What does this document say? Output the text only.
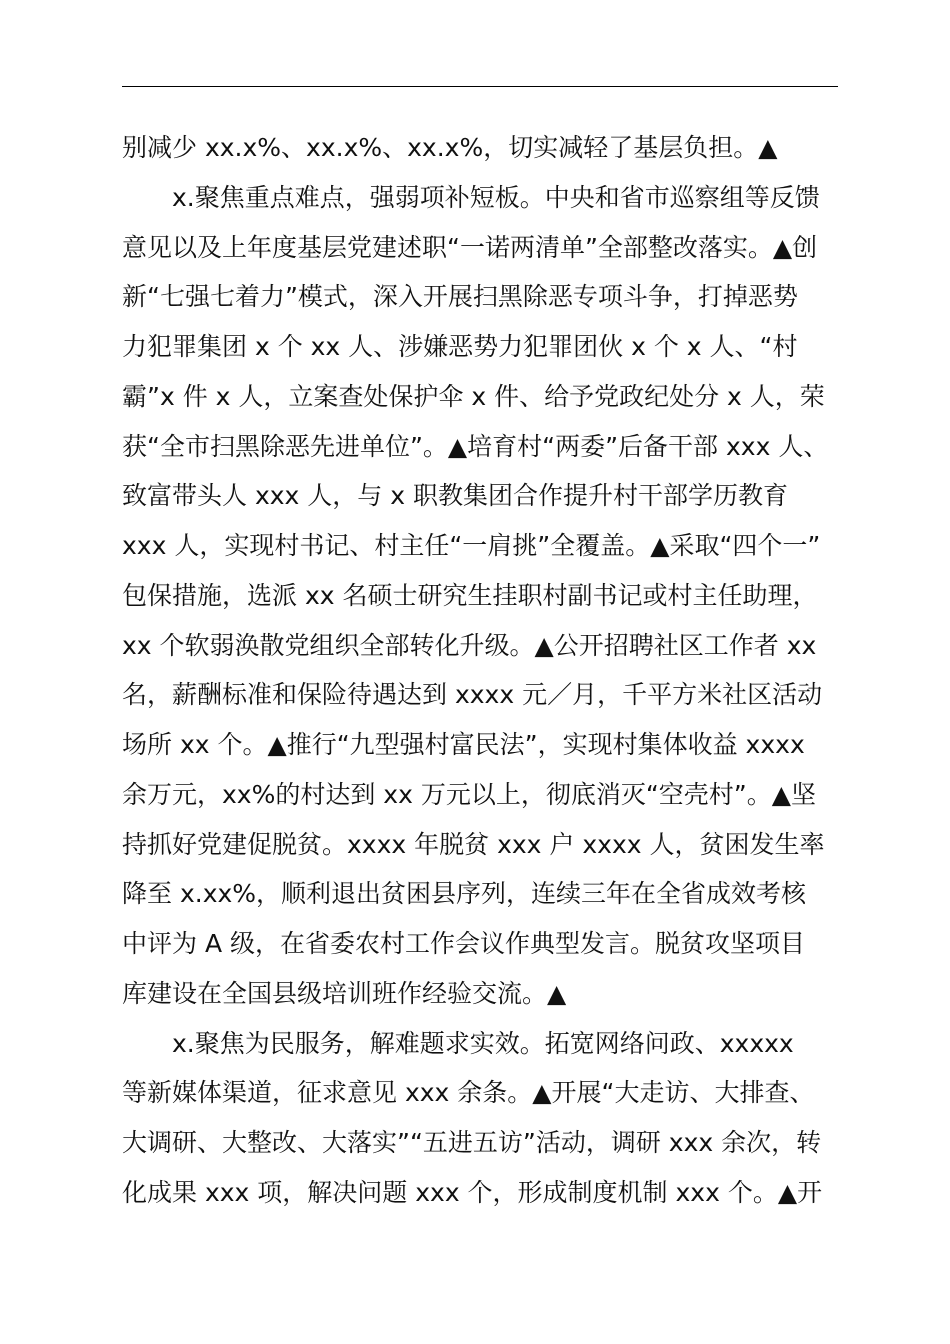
别减少 xx.x%、xx.x%、xx.x%，切实减轻了基层负担。▲
x.聚焦重点难点，强弱项补短板。中央和省市巡察组等反馈
意见以及上年度基层党建述职“一诺两清单”全部整改落实。▲创
新“七强七着力”模式，深入开展扫黑除恶专项斗争，打掉恶势
力犯罪集团 x 个 xx 人、涉嫌恶势力犯罪团伙 x 个 x 人、“村
霸”x 件 x 人，立案查处保护伞 x 件、给予党政纪处分 x 人，荣
获“全市扫黑除恶先进单位”。▲培育村“两委”后备干部 xxx 人、
致富带头人 xxx 人，与 x 职教集团合作提升村干部学历教育
xxx 人，实现村书记、村主任“一肩挑”全覆盖。▲采取“四个一”
包保措施，选派 xx 名硕士研究生挂职村副书记或村主任助理，
xx 个软弱涣散党组织全部转化升级。▲公开招聘社区工作者 xx
名，薪酬标准和保险待遇达到 xxxx 元／月，千平方米社区活动
场所 xx 个。▲推行“九型强村富民法”，实现村集体收益 xxxx
余万元，xx%的村达到 xx 万元以上，彻底消灭“空壳村”。▲坚
持抓好党建促脱贫。xxxx 年脱贫 xxx 户 xxxx 人，贫困发生率
降至 x.xx%，顺利退出贫困县序列，连续三年在全省成效考核
中评为 A 级，在省委农村工作会议作典型发言。脱贫攻坚项目
库建设在全国县级培训班作经验交流。▲
x.聚焦为民服务，解难题求实效。拓宽网络问政、xxxxx
等新媒体渠道，征求意见 xxx 余条。▲开展“大走访、大排查、
大调研、大整改、大落实”“五进五访”活动，调研 xxx 余次，转
化成果 xxx 项，解决问题 xxx 个，形成制度机制 xxx 个。▲开
